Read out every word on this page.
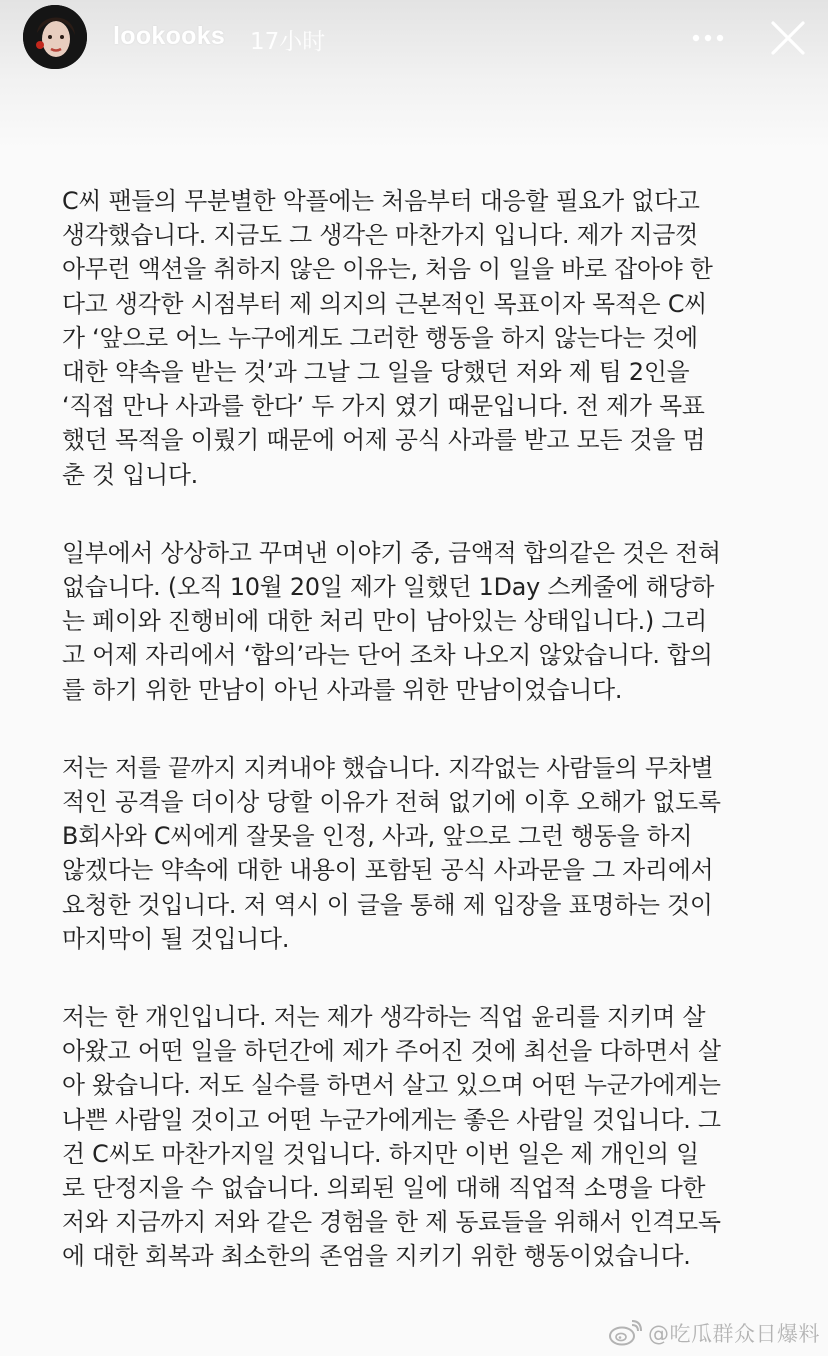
lookooks 17小时

C씨 팬들의 무분별한 악플에는 처음부터 대응할 필요가 없다고
생각했습니다. 지금도 그 생각은 마찬가지 입니다. 제가 지금껏
아무런 액션을 취하지 않은 이유는, 처음 이 일을 바로 잡아야 한
다고 생각한 시점부터 제 의지의 근본적인 목표이자 목적은 C씨
가 ‘앞으로 어느 누구에게도 그러한 행동을 하지 않는다는 것에
대한 약속을 받는 것’과 그날 그 일을 당했던 저와 제 팀 2인을
‘직접 만나 사과를 한다’ 두 가지 였기 때문입니다. 전 제가 목표
했던 목적을 이뤘기 때문에 어제 공식 사과를 받고 모든 것을 멈
춘 것 입니다.

일부에서 상상하고 꾸며낸 이야기 중, 금액적 합의같은 것은 전혀
없습니다. (오직 10월 20일 제가 일했던 1Day 스케줄에 해당하
는 페이와 진행비에 대한 처리 만이 남아있는 상태입니다.) 그리
고 어제 자리에서 ‘합의’라는 단어 조차 나오지 않았습니다. 합의
를 하기 위한 만남이 아닌 사과를 위한 만남이었습니다.

저는 저를 끝까지 지켜내야 했습니다. 지각없는 사람들의 무차별
적인 공격을 더이상 당할 이유가 전혀 없기에 이후 오해가 없도록
B회사와 C씨에게 잘못을 인정, 사과, 앞으로 그런 행동을 하지
않겠다는 약속에 대한 내용이 포함된 공식 사과문을 그 자리에서
요청한 것입니다. 저 역시 이 글을 통해 제 입장을 표명하는 것이
마지막이 될 것입니다.

저는 한 개인입니다. 저는 제가 생각하는 직업 윤리를 지키며 살
아왔고 어떤 일을 하던간에 제가 주어진 것에 최선을 다하면서 살
아 왔습니다. 저도 실수를 하면서 살고 있으며 어떤 누군가에게는
나쁜 사람일 것이고 어떤 누군가에게는 좋은 사람일 것입니다. 그
건 C씨도 마찬가지일 것입니다. 하지만 이번 일은 제 개인의 일
로 단정지을 수 없습니다. 의뢰된 일에 대해 직업적 소명을 다한
저와 지금까지 저와 같은 경험을 한 제 동료들을 위해서 인격모독
에 대한 회복과 최소한의 존엄을 지키기 위한 행동이었습니다.

@吃瓜群众日爆料
